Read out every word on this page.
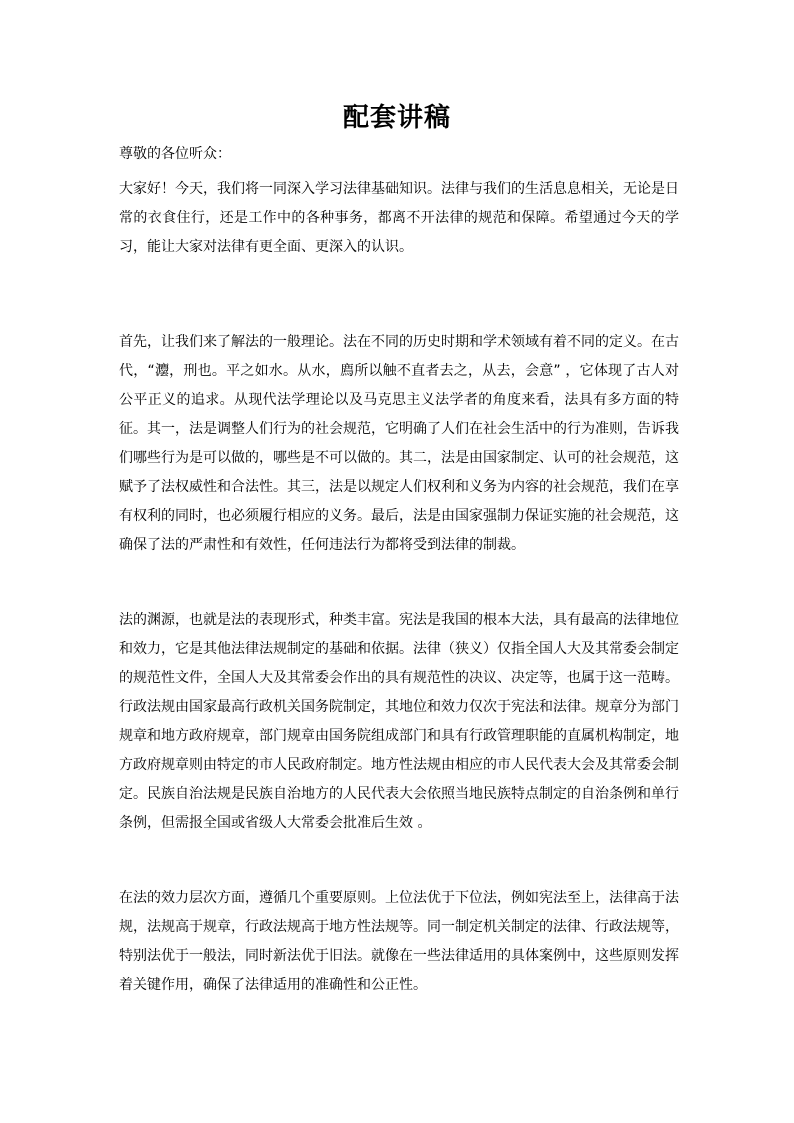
配套讲稿
尊敬的各位听众：

大家好！今天，我们将一同深入学习法律基础知识。法律与我们的生活息息相关，无论是日常的衣食住行，还是工作中的各种事务，都离不开法律的规范和保障。希望通过今天的学习，能让大家对法律有更全面、更深入的认识。

首先，让我们来了解法的一般理论。法在不同的历史时期和学术领域有着不同的定义。在古代，“灋，刑也。平之如水。从水，廌所以触不直者去之，从去，会意” ，它体现了古人对公平正义的追求。从现代法学理论以及马克思主义法学者的角度来看，法具有多方面的特征。其一，法是调整人们行为的社会规范，它明确了人们在社会生活中的行为准则，告诉我们哪些行为是可以做的，哪些是不可以做的。其二，法是由国家制定、认可的社会规范，这赋予了法权威性和合法性。其三，法是以规定人们权利和义务为内容的社会规范，我们在享有权利的同时，也必须履行相应的义务。最后，法是由国家强制力保证实施的社会规范，这确保了法的严肃性和有效性，任何违法行为都将受到法律的制裁。

法的渊源，也就是法的表现形式，种类丰富。宪法是我国的根本大法，具有最高的法律地位和效力，它是其他法律法规制定的基础和依据。法律（狭义）仅指全国人大及其常委会制定的规范性文件，全国人大及其常委会作出的具有规范性的决议、决定等，也属于这一范畴。行政法规由国家最高行政机关国务院制定，其地位和效力仅次于宪法和法律。规章分为部门规章和地方政府规章，部门规章由国务院组成部门和具有行政管理职能的直属机构制定，地方政府规章则由特定的市人民政府制定。地方性法规由相应的市人民代表大会及其常委会制定。民族自治法规是民族自治地方的人民代表大会依照当地民族特点制定的自治条例和单行条例，但需报全国或省级人大常委会批准后生效 。

在法的效力层次方面，遵循几个重要原则。上位法优于下位法，例如宪法至上，法律高于法规，法规高于规章，行政法规高于地方性法规等。同一制定机关制定的法律、行政法规等，特别法优于一般法，同时新法优于旧法。就像在一些法律适用的具体案例中，这些原则发挥着关键作用，确保了法律适用的准确性和公正性。
